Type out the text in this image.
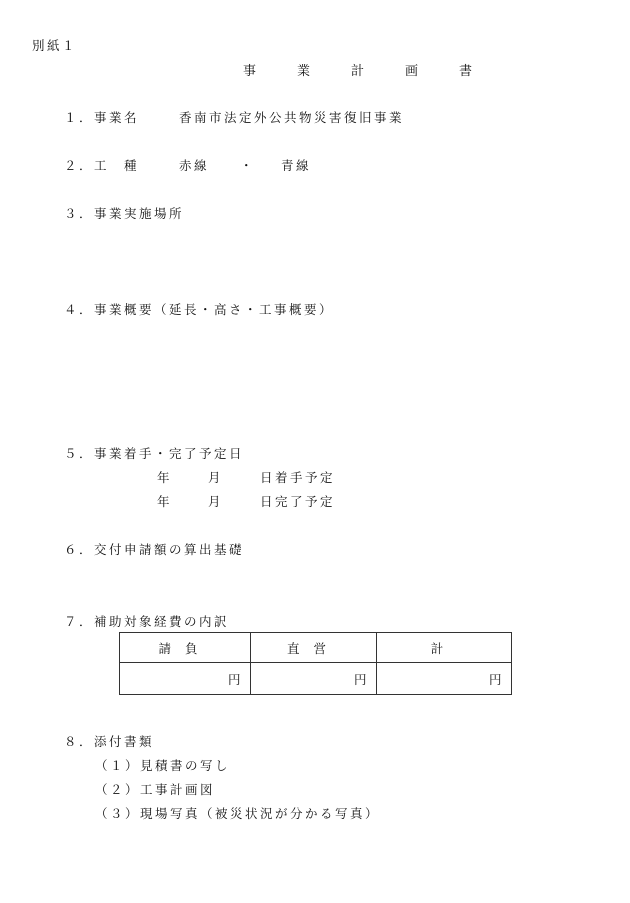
別紙１
事　業　計　画　書
１．事業名	香南市法定外公共物災害復旧事業
２．工　種	赤線 ・ 青線
３．事業実施場所
４．事業概要（延長・高さ・工事概要）
５．事業着手・完了予定日
年	月	日着手予定
年	月	日完了予定
６．交付申請額の算出基礎
７．補助対象経費の内訳
請負	直営	計
円	円	円
８．添付書類
（１）見積書の写し
（２）工事計画図
（３）現場写真（被災状況が分かる写真）
